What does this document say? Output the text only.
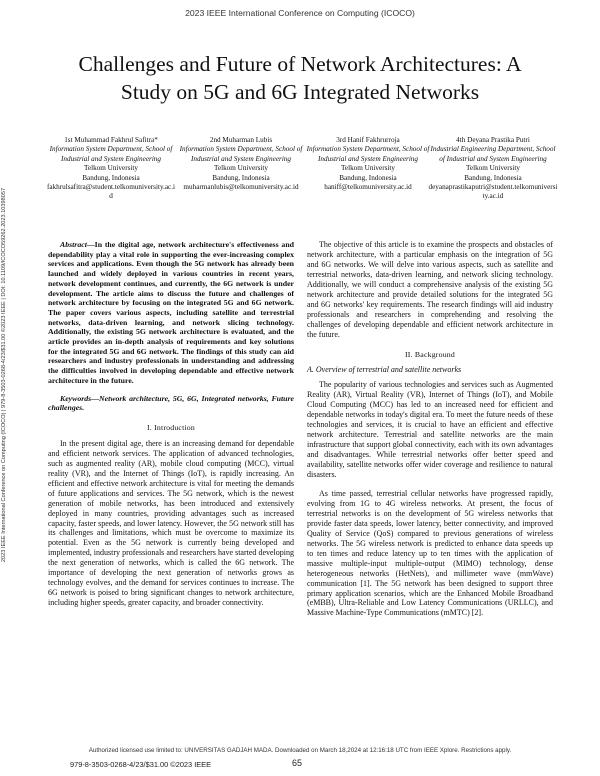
2023 IEEE International Conference on Computing (ICOCO)
Challenges and Future of Network Architectures: A
Study on 5G and 6G Integrated Networks
1st Muhammad Fakhrul Safitra*
Information System Department, School of Industrial and System Engineering
Telkom University
Bandung, Indonesia
fakhrulsafitra@student.telkomuniversity.ac.id
2nd Muharman Lubis
Information System Department, School of Industrial and System Engineering
Telkom University
Bandung, Indonesia
muharmanlubis@telkomuniversity.ac.id
3rd Hanif Fakhrurroja
Information System Department, School of Industrial and System Engineering
Telkom University
Bandung, Indonesia
haniff@telkomuniversity.ac.id
4th Deyana Prastika Putri
Industrial Engineering Department, School of Industrial and System Engineering
Telkom University
Bandung, Indonesia
deyanaprastikaputri@student.telkomuniversity.ac.id
2023 IEEE International Conference on Computing (ICOCO) | 979-8-3503-0268-4/23/$31.00 ©2023 IEEE | DOI: 10.1109/ICOCO59262.2023.10398057	Abstract—In the digital age, network architecture's effectiveness and dependability play a vital role in supporting the ever-increasing complex services and applications. Even though the 5G network has already been launched and widely deployed in various countries in recent years, network development continues, and currently, the 6G network is under development. The article aims to discuss the future and challenges of network architecture by focusing on the integrated 5G and 6G network. The paper covers various aspects, including satellite and terrestrial networks, data-driven learning, and network slicing technology. Additionally, the existing 5G network architecture is evaluated, and the article provides an in-depth analysis of requirements and key solutions for the integrated 5G and 6G network. The findings of this study can aid researchers and industry professionals in understanding and addressing the difficulties involved in developing dependable and effective network architecture in the future.

Keywords—Network architecture, 5G, 6G, Integrated networks, Future challenges.

I. Introduction

In the present digital age, there is an increasing demand for dependable and efficient network services. The application of advanced technologies, such as augmented reality (AR), mobile cloud computing (MCC), virtual reality (VR), and the Internet of Things (IoT), is rapidly increasing. An efficient and effective network architecture is vital for meeting the demands of future applications and services. The 5G network, which is the newest generation of mobile networks, has been introduced and extensively deployed in many countries, providing advantages such as increased capacity, faster speeds, and lower latency. However, the 5G network still has its challenges and limitations, which must be overcome to maximize its potential. Even as the 5G network is currently being developed and implemented, industry professionals and researchers have started developing the next generation of networks, which is called the 6G network. The importance of developing the next generation of networks grows as technology evolves, and the demand for services continues to increase. The 6G network is poised to bring significant changes to network architecture, including higher speeds, greater capacity, and broader connectivity.

The objective of this article is to examine the prospects and obstacles of network architecture, with a particular emphasis on the integration of 5G and 6G networks. We will delve into various aspects, such as satellite and terrestrial networks, data-driven learning, and network slicing technology. Additionally, we will conduct a comprehensive analysis of the existing 5G network architecture and provide detailed solutions for the integrated 5G and 6G networks' key requirements. The research findings will aid industry professionals and researchers in comprehending and resolving the challenges of developing dependable and efficient network architecture in the future.

II. Background

A. Overview of terrestrial and satellite networks

The popularity of various technologies and services such as Augmented Reality (AR), Virtual Reality (VR), Internet of Things (IoT), and Mobile Cloud Computing (MCC) has led to an increased need for efficient and dependable networks in today's digital era. To meet the future needs of these technologies and services, it is crucial to have an efficient and effective network architecture. Terrestrial and satellite networks are the main infrastructure that support global connectivity, each with its own advantages and disadvantages. While terrestrial networks offer better speed and availability, satellite networks offer wider coverage and resilience to natural disasters.

As time passed, terrestrial cellular networks have progressed rapidly, evolving from 1G to 4G wireless networks. At present, the focus of terrestrial networks is on the development of 5G wireless networks that provide faster data speeds, lower latency, better connectivity, and improved Quality of Service (QoS) compared to previous generations of wireless networks. The 5G wireless network is predicted to enhance data speeds up to ten times and reduce latency up to ten times with the application of massive multiple-input multiple-output (MIMO) technology, dense heterogeneous networks (HetNets), and millimeter wave (mmWave) communication [1]. The 5G network has been designed to support three primary application scenarios, which are the Enhanced Mobile Broadband (eMBB), Ultra-Reliable and Low Latency Communications (URLLC), and Massive Machine-Type Communications (mMTC) [2].

Authorized licensed use limited to: UNIVERSITAS GADJAH MADA. Downloaded on March 18,2024 at 12:16:18 UTC from IEEE Xplore. Restrictions apply.
979-8-3503-0268-4/23/$31.00 ©2023 IEEE	65
